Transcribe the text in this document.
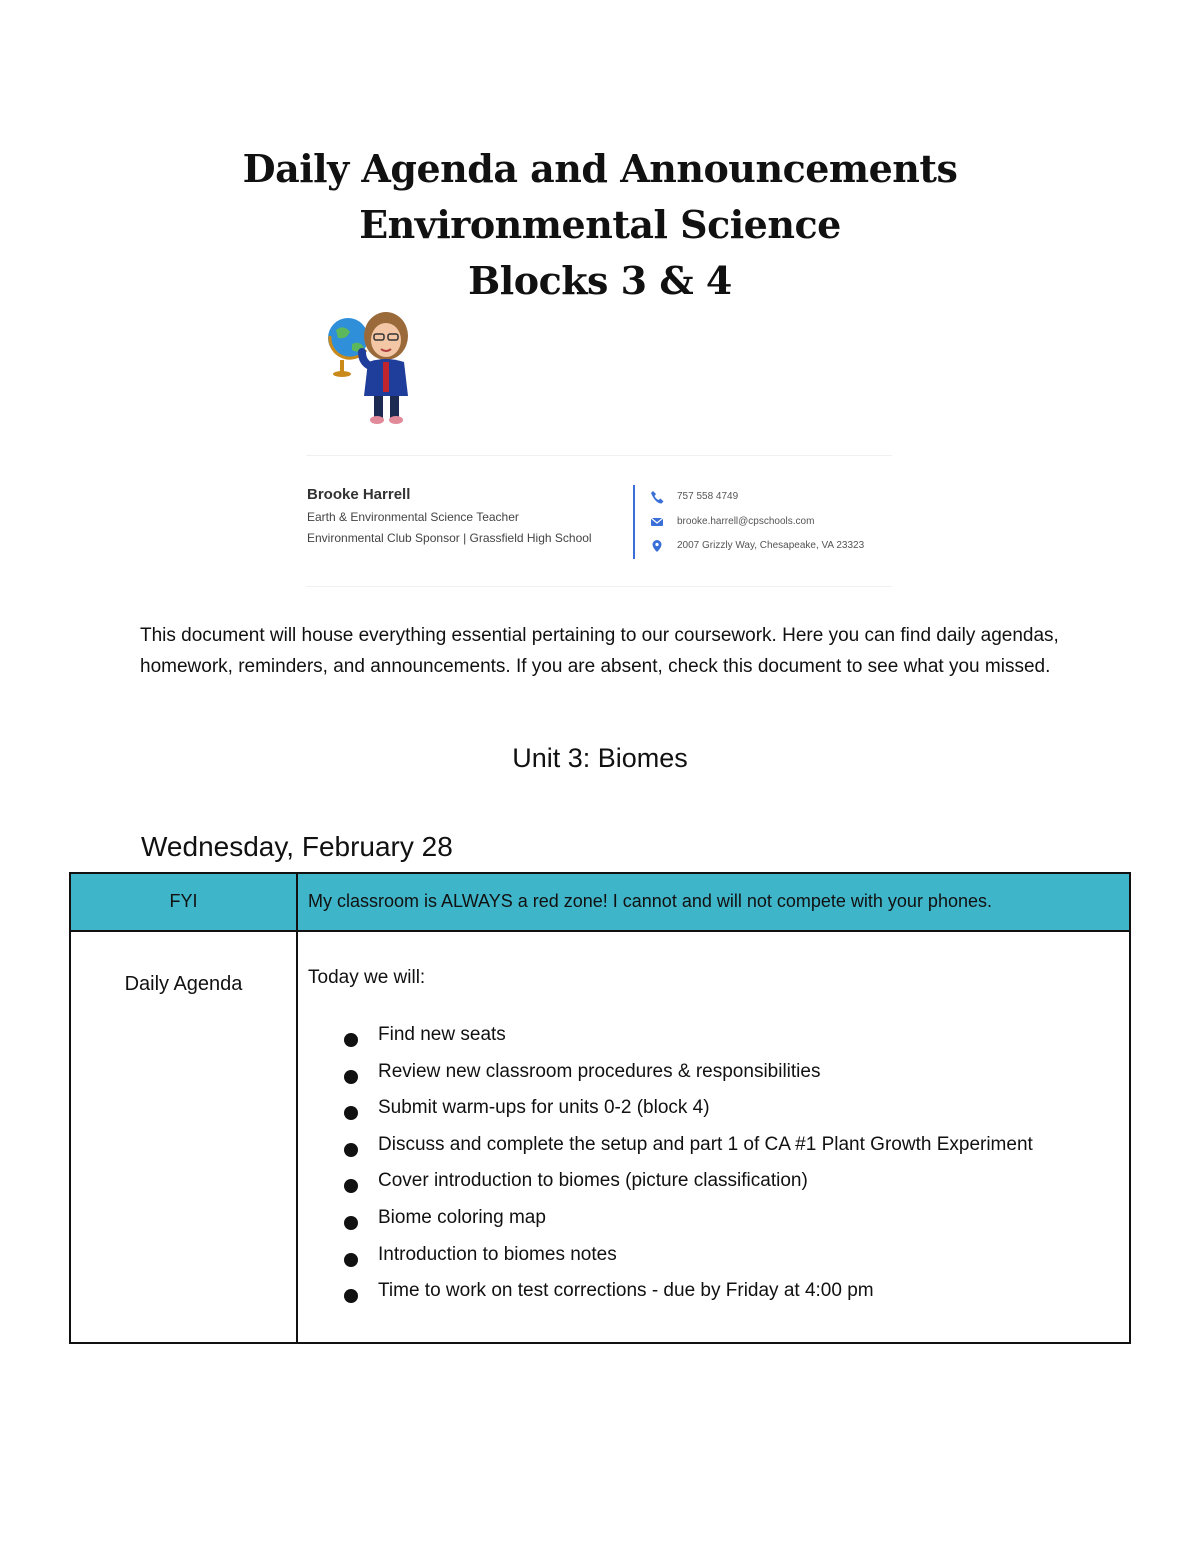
Daily Agenda and Announcements
Environmental Science
Blocks 3 & 4
Brooke Harrell
Earth & Environmental Science Teacher
Environmental Club Sponsor | Grassfield High School
757 558 4749
brooke.harrell@cpschools.com
2007 Grizzly Way, Chesapeake, VA 23323
This document will house everything essential pertaining to our coursework. Here you can find daily agendas, homework, reminders, and announcements. If you are absent, check this document to see what you missed.
Unit 3: Biomes
Wednesday, February 28
FYI	My classroom is ALWAYS a red zone! I cannot and will not compete with your phones.
Daily Agenda	Today we will:
Find new seats
Review new classroom procedures & responsibilities
Submit warm-ups for units 0-2 (block 4)
Discuss and complete the setup and part 1 of CA #1 Plant Growth Experiment
Cover introduction to biomes (picture classification)
Biome coloring map
Introduction to biomes notes
Time to work on test corrections - due by Friday at 4:00 pm
